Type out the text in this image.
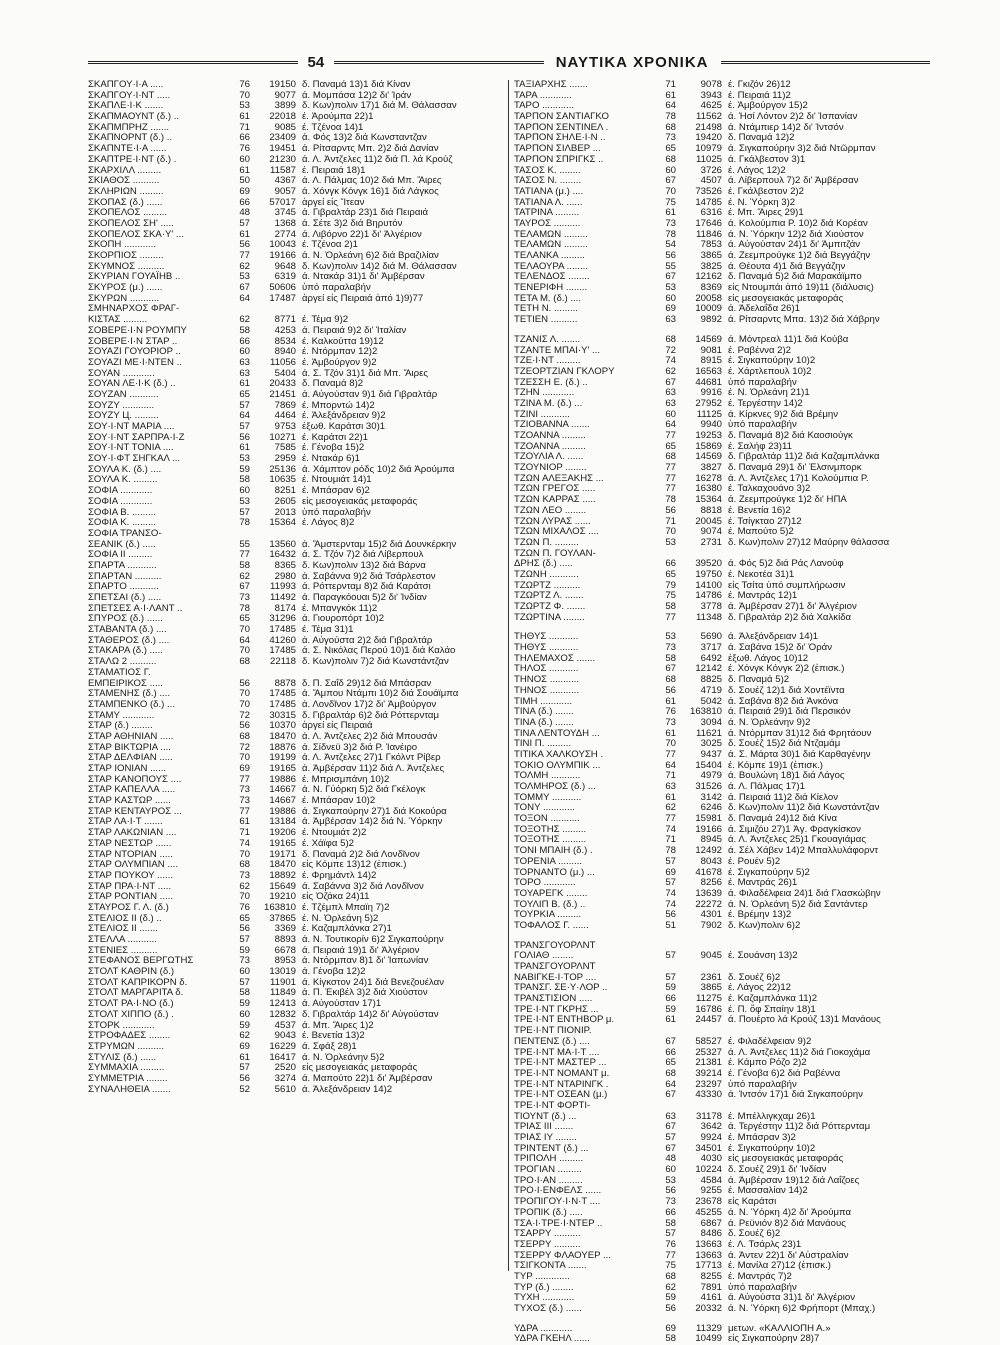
54	ΝΑΥΤΙΚΑ ΧΡΟΝΙΚΑ
ΣΚΑΠΓΟΥ·Ι·Α .....	76	19150 δ. Παναμά 13)1 διά Κίναν
ΣΚΑΠΓΟΥ·Ι·ΝΤ .....	70	9077 ά. Μομπάσα 12)2 δι' Ἰράν
ΣΚΑΠΛΕ·Ι·Κ .......	53	3899 δ. Κων)πολιν 17)1 διά Μ. Θάλασσαν
ΣΚΑΠΜΑΟΥΝΤ (δ.) ..	61	22018 έ. Ἀρούμπα 22)1
ΣΚΑΠΜΠΡΗΖ .......	71	9085 έ. Τζένοα 14)1
ΣΚΑΠΝΟΡΝΤ (δ.) ..	66	23409 ά. Φός 13)2 διά Κωνσταντζαν
ΣΚΑΠΝΤΕ·Ι·Α ......	76	19451 ά. Ρίτσαρντς Μπ. 2)2 διά Δανίαν
ΣΚΑΠΤΡΕ·Ι·ΝΤ (δ.) .	60	21230 ά. Λ. Ἀντζελες 11)2 διά Π. λά Κρούζ
ΣΚΑΡΧΙΛΛ .........	61	11587 έ. Πειραιά 18)1
ΣΚΙΑΘΟΣ ..........	50	4367 ά. Λ. Πάλμας 10)2 διά Μπ. Ἄιρες
ΣΚΛΗΡΙΩΝ .........	69	9057 ά. Χόνγκ Κόνγκ 16)1 διά Λάγκος
ΣΚΟΠΑΣ (δ.) ......	66	57017 ἀργεί εἰς Ἴτεαν
ΣΚΟΠΕΛΟΣ .........	48	3745 ά. Γιβραλτάρ 23)1 διά Πειραιά
ΣΚΟΠΕΛΟΣ ΣΗ' .....	57	1368 ά. Σέτε 3)2 διά Βηρυτόν
ΣΚΟΠΕΛΟΣ ΣΚΑ·Υ' ...	61	2774 ά. Λιβόρνο 22)1 δι' Ἀλγέριον
ΣΚΟΠΗ ............	56	10043 έ. Τζένοα 2)1
ΣΚΟΡΠΙΟΣ .........	77	19166 ά. Ν. Ὀρλεάνη 6)2 διά Βραζιλίαν
ΣΚΥΜΝΟΣ ..........	62	9648 δ. Κων)πολιν 14)2 διά Μ. Θάλασσαν
ΣΚΥΡΙΑΝ ΓΟΥΑΪΗΒ ..	53	6319 ά. Ντακάρ 31)1 δι' Ἀμβέρσαν
ΣΚΥΡΟΣ (μ.) ......	67	50606 ὑπό παραλαβήν
ΣΚΥΡΩΝ ...........	64	17487 ἀργεί εἰς Πειραιά ἀπό 1)9)77
ΣΜΗΝΑΡΧΟΣ ΦΡΑΓ-
ΚΙΣΤΑΣ .........	62	8771 έ. Τέμα 9)2
ΣΟΒΕΡΕ·Ι·Ν ΡΟΥΜΠΥ	58	4253 ά. Πειραιά 9)2 δι' Ἰταλίαν
ΣΟΒΕΡΕ·Ι·Ν ΣΤΑΡ ..	66	8534 έ. Καλκούττα 19)12
ΣΟΥΑΖΙ ΓΟΥΟΡΙΟΡ ..	60	8940 έ. Ντόρμπαν 12)2
ΣΟΥΑΖΙ ΜΕ·Ι·ΝΤΕΝ ..	63	11056 έ. Ἀμβούργον 9)2
ΣΟΥΑΝ ............	63	5404 ά. Σ. Τζόν 31)1 διά Μπ. Ἄιρες
ΣΟΥΑΝ ΛΕ·Ι·Κ (δ.) ..	61	20433 δ. Παναμά 8)2
ΣΟΥΖΑΝ ...........	65	21451 ά. Αὐγούσταν 9)1 διά Γιβραλτάρ
ΣΟΥΖΥ ............	57	7869 έ. Μπορντώ 14)2
ΣΟΥΖΥ Ц. .........	64	4464 έ. Ἀλεξάνδρειαν 9)2
ΣΟΥ·Ι·ΝΤ ΜΑΡΙΑ ....	57	9753 ἐξωθ. Καράτσι 30)1
ΣΟΥ·Ι·ΝΤ ΣΑΡΠΡΑ·Ι·Ζ	56	10271 έ. Καράτσι 22)1
ΣΟΥ·Ι·ΝΤ ΤΟΝΙΑ ....	61	7585 έ. Γένοβα 15)2
ΣΟΥ·Ι·ΦΤ ΣΗΓΚΑΛ ...	53	2959 έ. Ντακάρ 6)1
ΣΟΥΛΑ Κ. (δ.) ....	59	25136 ά. Χάμπτον ρόδς 10)2 διά Ἀρούμπα
ΣΟΥΛΑ Κ. .........	58	10635 έ. Ντουμιάτ 14)1
ΣΟΦΙΑ ............	60	8251 έ. Μπάσραν 6)2
ΣΟΦΙΑ ............	53	2605 εἰς μεσογειακάς μεταφοράς
ΣΟΦΙΑ Β. .........	57	2013 ὑπό παραλαβήν
ΣΟΦΙΑ Κ. .........	78	15364 έ. Λάγος 8)2
ΣΟΦΙΑ ΤΡΑΝΣΟ-
ΣΕΑΝΙΚ (δ.) .....	55	13560 ά. Ἄμστερνταμ 15)2 διά Δουνκέρκην
ΣΟΦΙΑ ΙΙ .........	77	16432 ά. Σ. Τζόν 7)2 διά Λίβερπουλ
ΣΠΑΡΤΑ ...........	58	8365 δ. Κων)πολιν 13)2 διά Βάρνα
ΣΠΑΡΤΑΝ ..........	62	2980 ά. Σαβάννα 9)2 διά Τσάρλεστον
ΣΠΑΡΤΟ ...........	67	11993 ά. Ρόττερνταμ 8)2 διά Καράτσι
ΣΠΕΤΣΑΙ (δ.) .....	73	11492 ά. Παραγκόουαι 5)2 δι' Ἰνδίαν
ΣΠΕΤΣΕΣ Α·Ι·ΛΑΝΤ ..	78	8174 έ. Μπανγκόκ 11)2
ΣΠΥΡΟΣ (δ.) ......	65	31296 ά. Γιουροπόρτ 10)2
ΣΤΑΒΑΝΤΑ (δ.) ....	70	17485 έ. Τέμα 31)1
ΣΤΑΘΕΡΟΣ (δ.) ....	64	41260 ά. Αὐγούστα 2)2 διά Γιβραλτάρ
ΣΤΑΚΑΡΑ (δ.) .....	70	17485 ά. Σ. Νικόλας Περού 10)1 διά Καλάο
ΣΤΑΛΩ 2 ..........	68	22118 δ. Κων)πολιν 7)2 διά Κωνστάντζαν
ΣΤΑΜΑΤΙΟΣ Γ.
ΕΜΠΕΙΡΙΚΟΣ .....	56	8878 δ. Π. Σαΐδ 29)12 διά Μπάσραν
ΣΤΑΜΕΝΗΣ (δ.) ....	70	17485 ά. Ἄμπου Ντάμπι 10)2 διά Σουάϊμπα
ΣΤΑΜΠΕΝΚΟ (δ.) ...	70	17485 ά. Λονδῖνον 17)2 δι' Ἀμβούργον
ΣΤΑΜΥ ............	72	30315 δ. Γιβραλτάρ 6)2 διά Ρόττερνταμ
ΣΤΑΡ (δ.) ........	56	10370 ἀργεί εἰς Πειραιά
ΣΤΑΡ ΑΘΗΝΙΑΝ .....	68	18470 ά. Λ. Ἀντζελες 2)2 διά Μπουσάν
ΣΤΑΡ ΒΙΚΤΩΡΙΑ ....	72	18876 ά. Σίδνεϋ 3)2 διά Ρ. Ἰανέιρο
ΣΤΑΡ ΔΕΛΦΙΑΝ .....	70	19199 ά. Λ. Ἀντζελες 27)1 Γκόλντ Ρίβερ
ΣΤΑΡ ΙΟΝΙΑΝ ......	69	19165 ά. Ἀμβέρσαν 11)2 διά Λ. Ἀντζελες
ΣΤΑΡ ΚΑΝΟΠΟΥΣ ....	77	19886 έ. Μπρισμπάνη 10)2
ΣΤΑΡ ΚΑΠΕΛΛΑ .....	73	14667 ά. Ν. Γὐόρκη 5)2 διά Γκέλογκ
ΣΤΑΡ ΚΑΣΤΩΡ ......	73	14667 έ. Μπάσραν 10)2
ΣΤΑΡ ΚΕΝΤΑΥΡΟΣ ...	77	19886 ά. Σιγκαπούρην 27)1 διά Κοκούρα
ΣΤΑΡ ΛΑ·Ι·Τ .......	61	13184 ά. Ἀμβέρσαν 14)2 διά Ν. Ὑόρκην
ΣΤΑΡ ΛΑΚΩΝΙΑΝ ....	71	19206 έ. Ντουμιάτ 2)2
ΣΤΑΡ ΝΕΣΤΩΡ ......	74	19165 έ. Χάϊφα 5)2
ΣΤΑΡ ΝΤΟΡΙΑΝ .....	70	19171 δ. Παναμά 2)2 διά Λονδῖνον
ΣΤΑΡ ΟΛΥΜΠΙΑΝ ....	68	18470 εἰς Κόμπε 13)12 (ἐπισκ.)
ΣΤΑΡ ΠΟΥΚΟΥ ......	73	18892 έ. Φρημάντλ 14)2
ΣΤΑΡ ΠΡΑ·Ι·ΝΤ .....	62	15649 ά. Σαβάννα 3)2 διά Λονδῖνον
ΣΤΑΡ ΡΟΝΤΙΑΝ .....	70	19210 εἰς Ὀζάκα 24)11
ΣΤΑΥΡΟΣ Γ. Λ. (δ.)	76	163810 έ. Τζέμπλ Μπαϊη 7)2
ΣΤΕΛΙΟΣ ΙΙ (δ.) ..	65	37865 έ. Ν. Ὀρλεάνη 5)2
ΣΤΕΛΙΟΣ ΙΙ .......	56	3369 έ. Καζαμπλάνκα 27)1
ΣΤΕΛΛΑ ...........	57	8893 ά. Ν. Τουτικορίν 6)2 Σιγκαπούρην
ΣΤΕΝΙΕΣ ..........	59	6678 ά. Πειραιά 19)1 δι' Ἀλγέριον
ΣΤΕΦΑΝΟΣ ΒΕΡΓΩΤΗΣ	73	8953 ά. Ντόρμπαν 8)1 δι' Ἰαπωνίαν
ΣΤΟΛΤ ΚΑΘΡΙΝ (δ.)	60	13019 ά. Γένοβα 12)2
ΣΤΟΛΤ ΚΑΠΡΙΚΟΡΝ δ.	57	11901 ά. Κίγκστον 24)1 διά Βενεζουέλαν
ΣΤΟΛΤ ΜΑΡΓΑΡΙΤΑ δ.	58	11849 ά. Π. Ἐκιβέλ 3)2 διά Χιούστον
ΣΤΟΛΤ ΡΑ·Ι·ΝΟ (δ.)	59	12413 ά. Αὐγούσταν 17)1
ΣΤΟΛΤ ΧΙΠΠΟ (δ.) .	60	12832 δ. Γιβραλτάρ 14)2 δι' Αὐγούσταν
ΣΤΟΡΚ ............	59	4537 ά. Μπ. Ἄιρες 1)2
ΣΤΡΟΦΑΔΕΣ ........	62	9043 έ. Βενετία 13)2
ΣΤΡΥΜΩΝ ..........	69	16229 ά. Σφάξ 28)1
ΣΤΥΛΙΣ (δ.) ......	61	16417 ά. Ν. Ὀρλεάνην 5)2
ΣΥΜΜΑΧΙΑ .........	57	2520 εἰς μεσογειακάς μεταφοράς
ΣΥΜΜΕΤΡΙΑ ........	56	3274 ά. Μαπούτο 22)1 δι' Ἀμβέρσαν
ΣΥΝΑΛΗΘΕΙΑ .......	52	5610 ά. Ἀλεξάνδρειαν 14)2
ΤΑΞΙΑΡΧΗΣ .......	71	9078 έ. Γκιζόν 26)12
ΤΑΡΑ ............	61	3943 έ. Πειραιά 11)2
ΤΑΡΟ ............	64	4625 έ. Ἀμβούργον 15)2
ΤΑΡΠΟΝ ΣΑΝΤΙΑΓΚΟ	78	11562 ά. Ἡσί Λόντον 2)2 δι' Ἰσπανίαν
ΤΑΡΠΟΝ ΣΕΝΤΙΝΕΛ .	68	21498 ά. Ντάμπιερ 14)2 δι' Ἰντσόν
ΤΑΡΠΟΝ ΣΗΛΕ·Ι·Ν ..	73	19420 δ. Παναμά 12)2
ΤΑΡΠΟΝ ΣΙΛΒΕΡ ...	65	10979 ά. Σιγκαπούρην 3)2 διά Ντῶρμπαν
ΤΑΡΠΟΝ ΣΠΡΙΓΚΣ ..	68	11025 ά. Γκάλβεστον 3)1
ΤΑΣΟΣ Κ. ........	60	3726 έ. Λάγος 12)2
ΤΑΣΟΣ Ν. ........	67	4507 ά. Λίβερπουλ 7)2 δι' Ἀμβέρσαν
ΤΑΤΙΑΝΑ (μ.) ....	70	73526 έ. Γκάλβεστον 2)2
ΤΑΤΙΑΝΑ Λ. ......	75	14785 έ. Ν. Ὑόρκη 3)2
ΤΑΤΡΙΝΑ .........	61	6316 έ. Μπ. Ἄιρες 29)1
ΤΑΥΡΟΣ ..........	73	17646 ά. Κολούμπια Ρ. 10)2 διά Κορέαν
ΤΕΛΑΜΩΝ .........	78	11846 ά. Ν. Ὑόρκην 12)2 διά Χιούστον
ΤΕΛΑΜΩΝ .........	54	7853 ά. Αὐγούσταν 24)1 δι' Ἀμπιτζάν
ΤΕΛΑΝΚΑ .........	56	3865 ά. Ζεεμπρούγκε 1)2 διά Βεγγάζην
ΤΕΛΑΟΥΡΑ ........	55	3825 ά. Θέουτα 4)1 διά Βεγγάζην
ΤΕΛΕΝΔΟΣ ........	67	12162 δ. Παναμά 5)2 διά Μαρακάϊμπο
ΤΕΝΕΡΙΦΗ ........	53	8369 εἰς Ντουμπάι ἀπό 19)11 (διάλυσις)
ΤΕΤΑ Μ. (δ.) ....	60	20058 εἰς μεσογειακάς μεταφοράς
ΤΕΤΗ Ν. .........	69	10009 ά. Ἀδελαΐδα 26)1
ΤΕΤΙΕΝ ..........	63	9892 ά. Ρίτσαρντς Μπα. 13)2 διά Χάβρην
ΤΖΑΝΙΣ Λ. .......	68	14569 ά. Μόντρεαλ 11)1 διά Κούβα
ΤΖΑΝΤΕ ΜΠΑΙ·Υ' ...	72	9081 έ. Ραβέννα 2)2
ΤΖΕ·Ι·ΝΤ .........	74	8915 έ. Σιγκαπούρην 10)2
ΤΖΕΟΡΤΖΙΑΝ ΓΚΛΟΡΥ	62	16563 έ. Χάρτλεπουλ 10)2
ΤΖΕΣΣΗ Ε. (δ.) ..	67	44681 ὑπό παραλαβήν
ΤΖΗΝ ............	63	9916 έ. Ν. Ὀρλεάνη 21)1
ΤΖΙΝΑ Μ. (δ.) ...	63	27952 έ. Τεργέστην 14)2
ΤΖΙΝΙ ...........	60	11125 ά. Κίρκνες 9)2 διά Βρέμην
ΤΖΙΟΒΑΝΝΑ .......	64	9940 ὑπό παραλαβήν
ΤΖΟΑΝΝΑ .........	77	19253 δ. Παναμά 8)2 διά Καοσιούγκ
ΤΖΟΑΝΝΑ .........	65	15869 έ. Σαλήφ 23)11
ΤΖΟΥΛΙΑ Λ. ......	68	14569 δ. Γιβραλτάρ 11)2 διά Καζαμπλάνκα
ΤΖΟΥΝΙΟΡ ........	77	3827 δ. Παναμά 29)1 δι' Ἐλσινμπορκ
ΤΖΩΝ ΑΛΕΞΑΚΗΣ ...	77	16278 ά. Λ. Ἀντζελες 17)1 Κολούμπια Ρ.
ΤΖΩΝ ΓΡΕΓΟΣ .....	77	16380 έ. Ταλκαχουάνο 3)2
ΤΖΩΝ ΚΑΡΡΑΣ .....	78	15364 ά. Ζεεμπρούγκε 1)2 δι' ΗΠΑ
ΤΖΩΝ ΛΕΟ ........	56	8818 έ. Βενετία 16)2
ΤΖΩΝ ΛΥΡΑΣ ......	71	20045 έ. Τσίγκταο 27)12
ΤΖΩΝ ΜΙΧΑΛΟΣ ....	70	9074 έ. Μαπούτο 5)2
ΤΖΩΝ Π. .........	53	2731 δ. Κων)πολιν 27)12 Μαύρην θάλασσα
ΤΖΩΝ Π. ΓΟΥΛΑΝ-
ΔΡΗΣ (δ.) .....	66	39520 ά. Φός 5)2 διά Ράς Λανούφ
ΤΖΩΝΗ ...........	65	19750 έ. Νεκοτέα 31)1
ΤΖΩΡΤΖ ..........	79	14100 εἰς Τσίτα ὑπό συμπλήρωσιν
ΤΖΩΡΤΖ Λ. .......	75	14786 έ. Μαντράς 12)1
ΤΖΩΡΤΖ Φ. .......	58	3778 ά. Ἀμβέρσαν 27)1 δι' Ἀλγέριον
ΤΖΩΡΤΙΝΑ ........	77	11348 δ. Γιβραλτάρ 2)2 διά Χαλκίδα
ΤΗΘΥΣ ...........	53	5690 ά. Ἀλεξάνδρειαν 14)1
ΤΗΘΥΣ ...........	73	3717 ά. Σαβάνα 15)2 δι' Ὀράν
ΤΗΛΕΜΑΧΟΣ .......	58	6492 ἐξωθ. Λάγος 10)12
ΤΗΛΟΣ ...........	67	12142 έ. Χόνγκ Κόνγκ 2)2 (ἐπισκ.)
ΤΗΝΟΣ ...........	68	8825 δ. Παναμά 5)2
ΤΗΝΟΣ ...........	56	4719 δ. Σουέζ 12)1 διά Χοντέϊντα
ΤΙΜΗ ............	61	5042 ά. Σαβάνα 8)2 διά Ἀνκόνα
ΤΙΝΑ (δ.) .......	76	163810 ά. Πειραιά 29)1 διά Περσικόν
ΤΙΝΑ (δ.) .......	73	3094 ά. Ν. Ὀρλεάνην 9)2
ΤΙΝΑ ΛΕΝΤΟΥΔΗ ...	61	11621 ά. Ντόρμπαν 31)12 διά Φρητάουν
ΤΙΝΙ Π. .........	70	3025 δ. Σουέζ 15)2 διά Ντζαμάμ
ΤΙΤΙΚΑ ΧΑΛΚΟΥΣΗ .	77	9437 ά. Σ. Μάρτα 30)1 διά Καρθαγένην
ΤΟΚΙΟ ΟΛΥΜΠΙΚ ...	64	15404 έ. Κόμπε 19)1 (ἐπισκ.)
ΤΟΛΜΗ ...........	71	4979 ά. Βουλώνη 18)1 διά Λάγος
ΤΟΛΜΗΡΟΣ (δ.) ...	63	31526 ά. Λ. Πάλμας 17)1
ΤΟΜΜΥ ...........	61	3142 ά. Πειραιά 11)2 διά Κίελον
ΤΟΝΥ ............	62	6246 δ. Κων)πολιν 11)2 διά Κωνστάντζαν
ΤΟΞΟΝ ...........	77	15981 δ. Παναμά 24)12 διά Κίνα
ΤΟΞΟΤΗΣ .........	74	19166 ά. Σιμιζόυ 27)1 Ἀγ. Φραγκίσκον
ΤΟΞΟΤΗΣ .........	71	8945 ά. Λ. Ἀντζελες 25)1 Γκουαγιάμας
ΤΟΝΙ ΜΠΑΙΗ (δ.) .	78	12492 ά. Σέλ Χάβεν 14)2 Μπαλλυλάφορντ
ΤΟΡΕΝΙΑ .........	57	8043 έ. Ρουέν 5)2
ΤΟΡΝΑΝΤΟ (μ.) ...	69	41678 έ. Σιγκαπούρην 5)2
ΤΟΡΟ ............	57	8256 έ. Μαντράς 26)1
ΤΟΥΑΡΕΓΚ ........	74	13639 ά. Φιλαδέλφεια 24)1 διά Γλασκώβην
ΤΟΥΛΙΠ Β. (δ.) ..	74	22272 ά. Ν. Ὀρλεάνη 5)2 διά Σαντάντερ
ΤΟΥΡΚΙΑ .........	56	4301 έ. Βρέμην 13)2
ΤΟΦΑΛΟΣ Γ. ......	51	7902 δ. Κων)πολιν 6)2
ΤΡΑΝΣΓΟΥΟΡΛΝΤ
ΓΟΛΙΑΘ ........	57	9045 έ. Σουάνση 13)2
ΤΡΑΝΣΓΟΥΟΡΛΝΤ
ΝΑΒΙΓΚΕ·Ι·ΤΟΡ ....	57	2361 δ. Σουέζ 6)2
ΤΡΑΝΣΓ. ΣΕ·Υ·ΛΟΡ ..	59	3865 έ. Λάγος 22)12
ΤΡΑΝΣΤΙΣΙΟΝ .....	66	11275 έ. Καζαμπλάνκα 11)2
ΤΡΕ·Ι·ΝΤ ΓΚΡΗΣ ...	59	16786 έ. Π. ὄφ Σπαίην 18)1
ΤΡΕ·Ι·ΝΤ ΕΝΤΗΒΟΡ μ.	61	24457 ά. Πουέρτο λά Κρούζ 13)1 Μανάους
ΤΡΕ·Ι·ΝΤ ΠΙΟΝΙΡ.
ΠΕΝΤΕΝΣ (δ.) ....	67	58527 έ. Φιλαδέλφειαν 9)2
ΤΡΕ·Ι·ΝΤ ΜΑ·Ι·Τ ....	66	25327 ά. Λ. Ἀντζελες 11)2 διά Γιοκοχάμα
ΤΡΕ·Ι·ΝΤ ΜΑΣΤΕΡ ...	65	21381 έ. Κάμπο Ρόζο 2)2
ΤΡΕ·Ι·ΝΤ ΝΟΜΑΝΤ μ.	68	39214 έ. Γένοβα 6)2 διά Ραβέννα
ΤΡΕ·Ι·ΝΤ ΝΤΑΡΙΝΓΚ .	64	23297 ὑπό παραλαβήν
ΤΡΕ·Ι·ΝΤ ΟΣΕΑΝ (μ.)	67	43330 ά. Ἰντσόν 17)1 διά Σιγκαπούρην
ΤΡΕ·Ι·ΝΤ ΦΟΡΤΙ-
ΤΙΟΥΝΤ (δ.) ...	63	31178 έ. Μπέλλιγκχαμ 26)1
ΤΡΙΑΣ ΙΙΙ .......	67	3642 ά. Τεργέστην 11)2 διά Ρόττερνταμ
ΤΡΙΑΣ ΙΥ ........	57	9924 έ. Μπάσραν 3)2
ΤΡΙΝΤΕΝΤ (δ.) ...	67	34501 έ. Σιγκαπούρην 10)2
ΤΡΙΠΟΛΗ .........	48	4030 εἰς μεσογειακάς μεταφοράς
ΤΡΟΓΙΑΝ .........	60	10224 δ. Σουέζ 29)1 δι' Ἰνδίαν
ΤΡΟ·Ι·ΑΝ .........	53	4584 ά. Ἀμβέρσαν 19)12 διά Λαΐζοες
ΤΡΟ·Ι·ΕΝΦΕΛΣ ......	56	9255 έ. Μασσαλίαν 14)2
ΤΡΟΠΙΓΟΥ·Ι·Ν·Τ ....	73	23678 εἰς Καράτσι
ΤΡΟΠΙΚ (δ.) .....	66	45255 ά. Ν. Ὑόρκη 4)2 δι' Ἀρούμπα
ΤΣΑ·Ι·ΤΡΕ·Ι·ΝΤΕΡ ..	58	6867 ά. Ρεϋνιόν 8)2 διά Μανάους
ΤΣΑΡΡΥ ..........	57	8486 δ. Σουέζ 6)2
ΤΣΕΡΡΥ ..........	76	13663 έ. Λ. Τσάρλς 23)1
ΤΣΕΡΡΥ ΦΛΑΟΥΕΡ ...	77	13663 ά. Ἀντεν 22)1 δι' Αὐστραλίαν
ΤΣΙΓΚΟΝΤΑ .......	75	17713 έ. Μανίλα 27)12 (ἐπισκ.)
ΤΥΡ .............	68	8255 έ. Μαντράς 7)2
ΤΥΡ (δ.) ........	62	7891 ὑπό παραλαβήν
ΤΥΧΗ ............	59	4161 ά. Αὐγούστα 31)1 δι' Ἀλγέριον
ΤΥΧΟΣ (δ.) ......	56	20332 ά. Ν. Ὑόρκη 6)2 Φρήπορτ (Μπαχ.)
ΥΔΡΑ ............	69	11329 μετων. «ΚΑΛΛΙΟΠΗ Α.»
ΥΔΡΑ ΓΚΕΗΛ ......	58	10499 εἰς Σιγκαπούρην 28)7
